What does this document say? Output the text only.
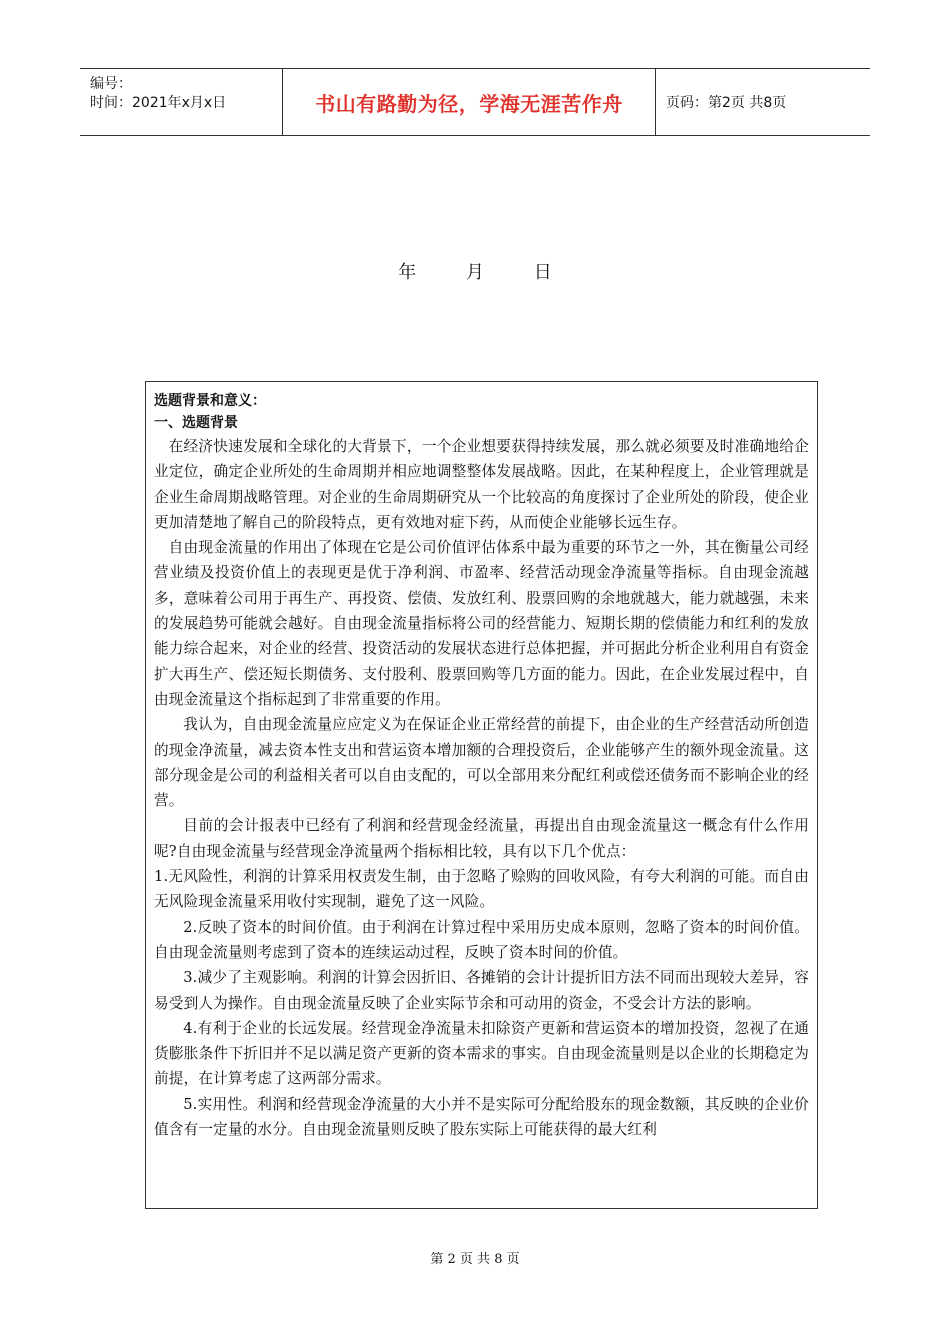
编号：
时间：2021年x月x日	书山有路勤为径，学海无涯苦作舟	页码：第2页 共8页
年	月	日
选题背景和意义：
一、选题背景

在经济快速发展和全球化的大背景下，一个企业想要获得持续发展，那么就必须要及时准确地给企业定位，确定企业所处的生命周期并相应地调整整体发展战略。因此，在某种程度上，企业管理就是企业生命周期战略管理。对企业的生命周期研究从一个比较高的角度探讨了企业所处的阶段，使企业更加清楚地了解自己的阶段特点，更有效地对症下药，从而使企业能够长远生存。

自由现金流量的作用出了体现在它是公司价值评估体系中最为重要的环节之一外，其在衡量公司经营业绩及投资价值上的表现更是优于净利润、市盈率、经营活动现金净流量等指标。自由现金流越多，意味着公司用于再生产、再投资、偿债、发放红利、股票回购的余地就越大，能力就越强，未来的发展趋势可能就会越好。自由现金流量指标将公司的经营能力、短期长期的偿债能力和红利的发放能力综合起来，对企业的经营、投资活动的发展状态进行总体把握，并可据此分析企业利用自有资金扩大再生产、偿还短长期债务、支付股利、股票回购等几方面的能力。因此，在企业发展过程中，自由现金流量这个指标起到了非常重要的作用。

我认为，自由现金流量应应定义为在保证企业正常经营的前提下，由企业的生产经营活动所创造的现金净流量，减去资本性支出和营运资本增加额的合理投资后，企业能够产生的额外现金流量。这部分现金是公司的利益相关者可以自由支配的，可以全部用来分配红利或偿还债务而不影响企业的经营。

目前的会计报表中已经有了利润和经营现金经流量，再提出自由现金流量这一概念有什么作用呢?自由现金流量与经营现金净流量两个指标相比较，具有以下几个优点：

1.无风险性，利润的计算采用权责发生制，由于忽略了赊购的回收风险，有夸大利润的可能。而自由无风险现金流量采用收付实现制，避免了这一风险。

2.反映了资本的时间价值。由于利润在计算过程中采用历史成本原则，忽略了资本的时间价值。自由现金流量则考虑到了资本的连续运动过程，反映了资本时间的价值。

3.减少了主观影响。利润的计算会因折旧、各摊销的会计计提折旧方法不同而出现较大差异，容易受到人为操作。自由现金流量反映了企业实际节余和可动用的资金，不受会计方法的影响。

4.有利于企业的长远发展。经营现金净流量未扣除资产更新和营运资本的增加投资，忽视了在通货膨胀条件下折旧并不足以满足资产更新的资本需求的事实。自由现金流量则是以企业的长期稳定为前提，在计算考虑了这两部分需求。

5.实用性。利润和经营现金净流量的大小并不是实际可分配给股东的现金数额，其反映的企业价值含有一定量的水分。自由现金流量则反映了股东实际上可能获得的最大红利

第 2 页 共 8 页
